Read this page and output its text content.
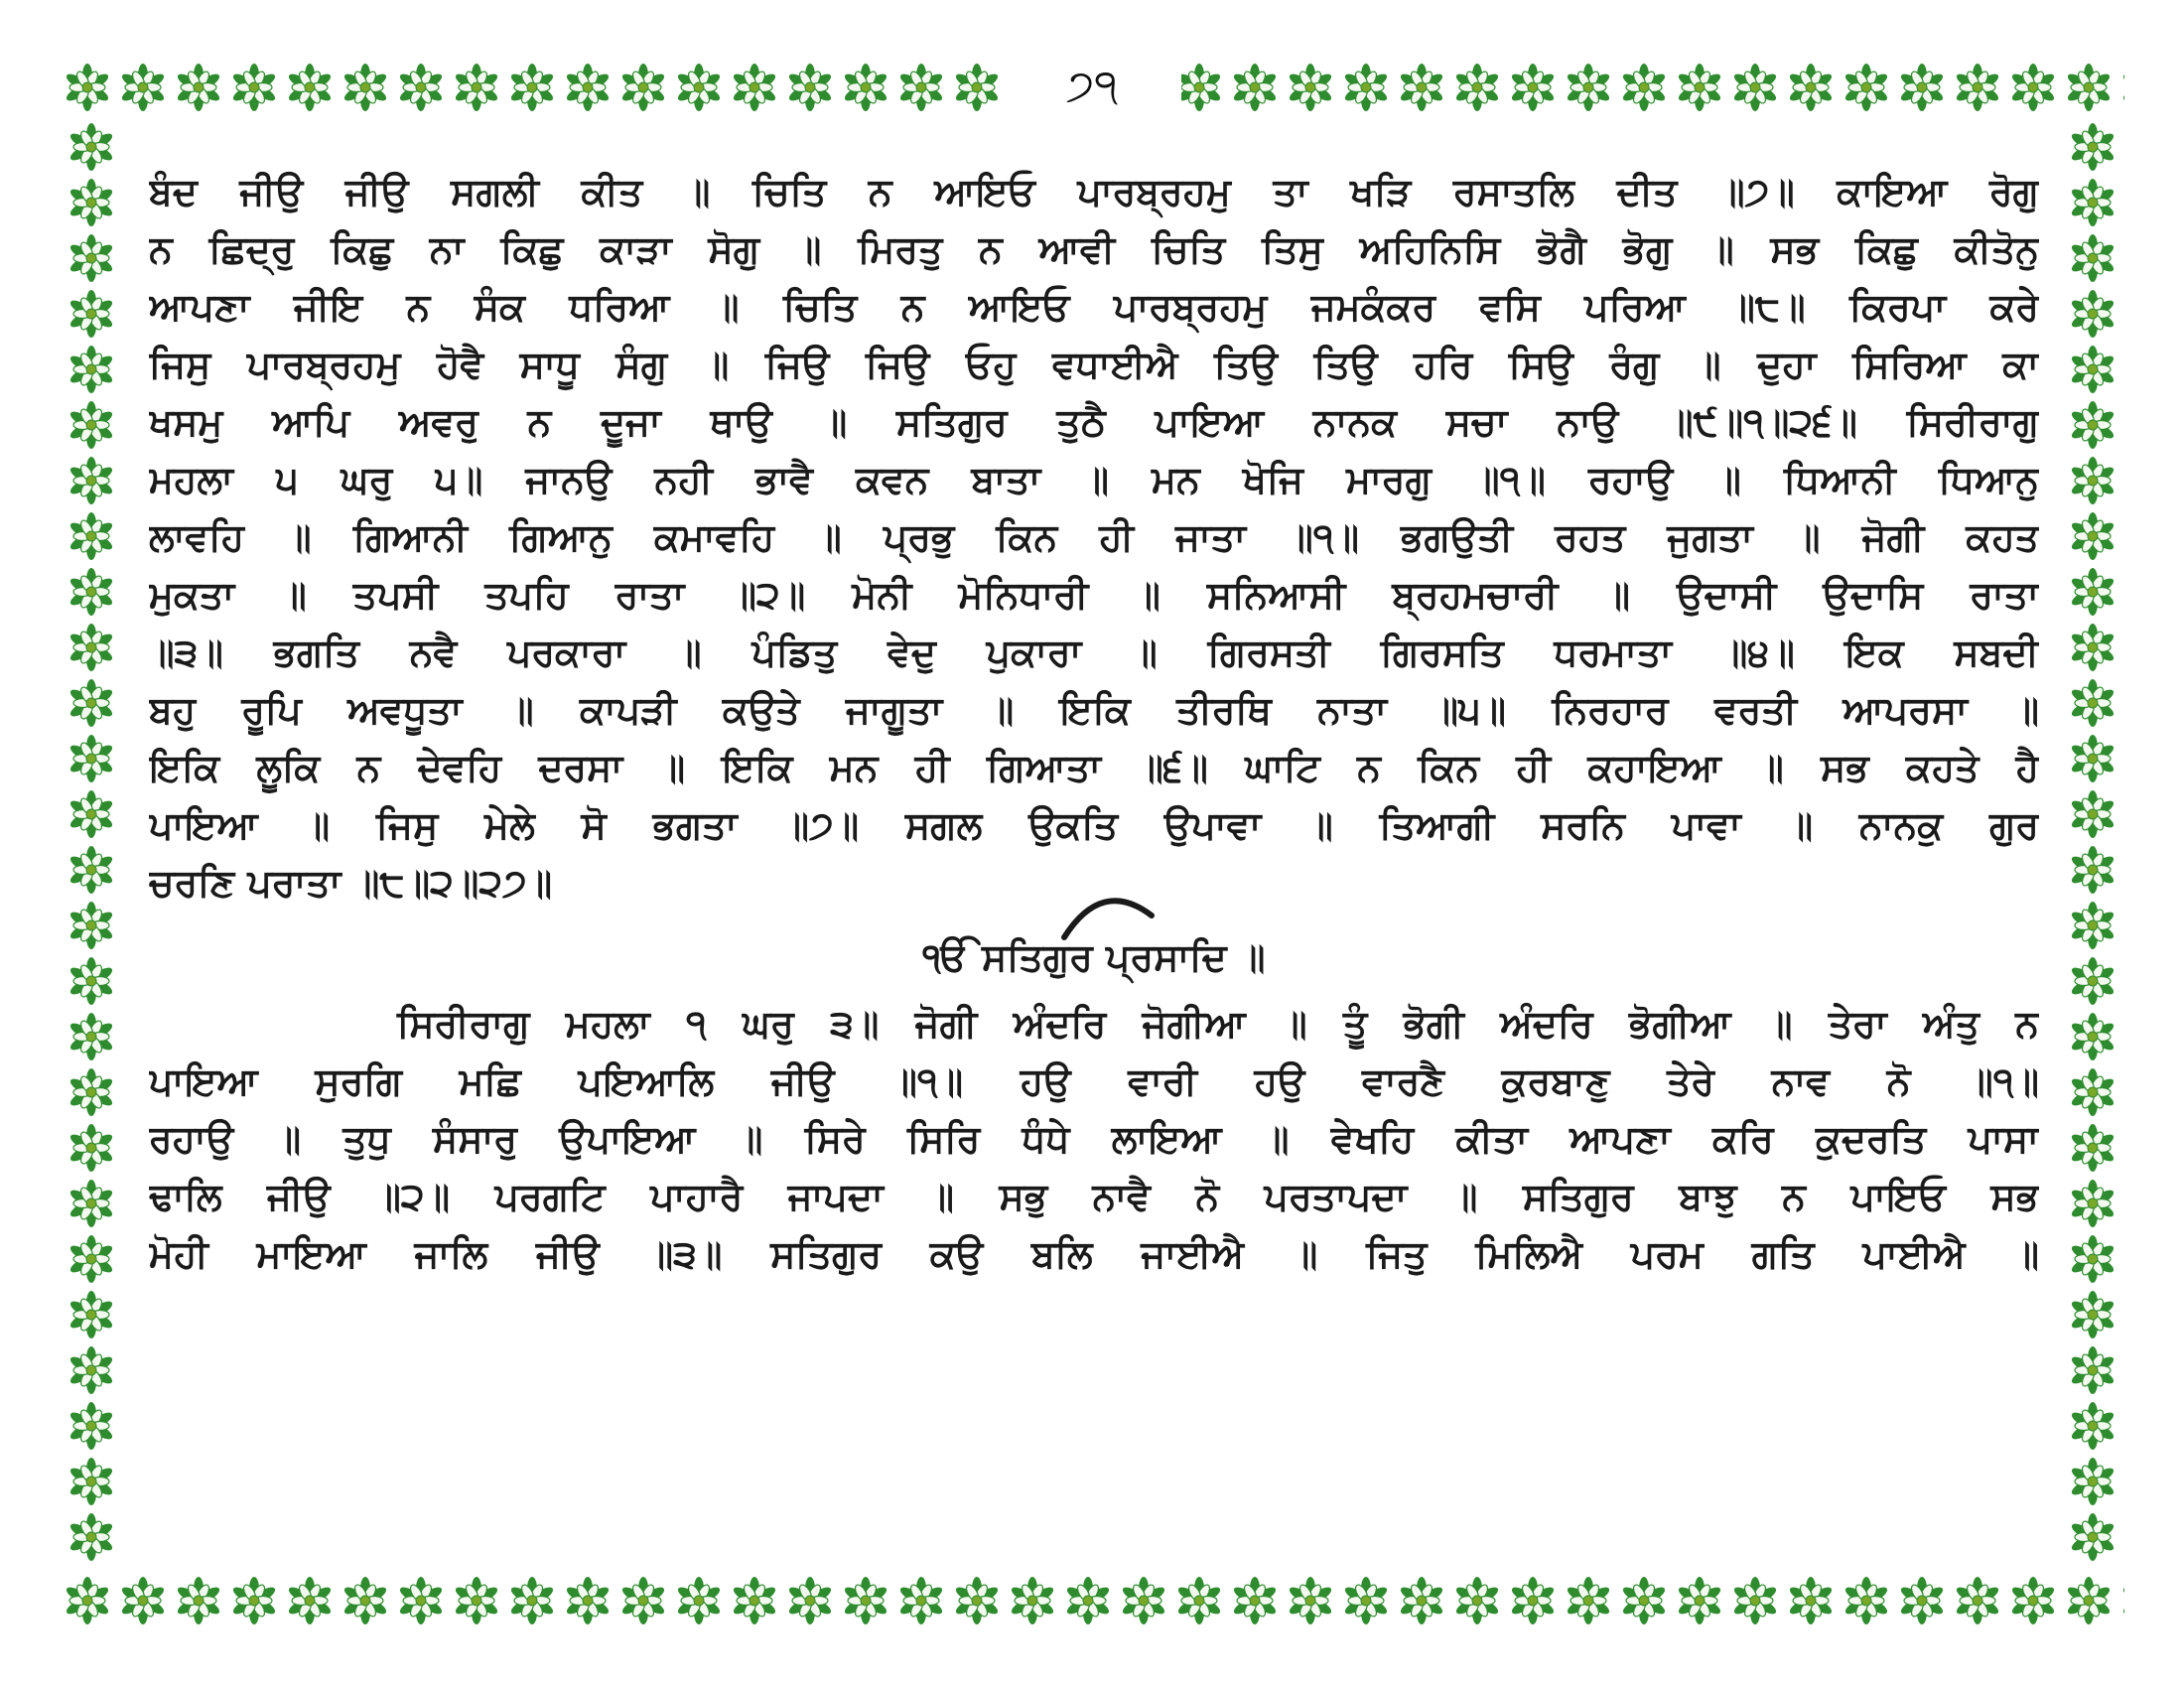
੭੧
ਬੰਦ ਜੀਉ ਜੀਉ ਸਗਲੀ ਕੀਤ ॥ ਚਿਤਿ ਨ ਆਇਓ ਪਾਰਬ੍ਰਹਮੁ ਤਾ ਖੜਿ ਰਸਾਤਲਿ ਦੀਤ ॥੭॥ ਕਾਇਆ ਰੋਗੁ
ਨ ਛਿਦ੍ਰੁ ਕਿਛੁ ਨਾ ਕਿਛੁ ਕਾੜਾ ਸੋਗੁ ॥ ਮਿਰਤੁ ਨ ਆਵੀ ਚਿਤਿ ਤਿਸੁ ਅਹਿਨਿਸਿ ਭੋਗੈ ਭੋਗੁ ॥ ਸਭ ਕਿਛੁ ਕੀਤੋਨੁ
ਆਪਣਾ ਜੀਇ ਨ ਸੰਕ ਧਰਿਆ ॥ ਚਿਤਿ ਨ ਆਇਓ ਪਾਰਬ੍ਰਹਮੁ ਜਮਕੰਕਰ ਵਸਿ ਪਰਿਆ ॥੮॥ ਕਿਰਪਾ ਕਰੇ
ਜਿਸੁ ਪਾਰਬ੍ਰਹਮੁ ਹੋਵੈ ਸਾਧੂ ਸੰਗੁ ॥ ਜਿਉ ਜਿਉ ਓਹੁ ਵਧਾਈਐ ਤਿਉ ਤਿਉ ਹਰਿ ਸਿਉ ਰੰਗੁ ॥ ਦੁਹਾ ਸਿਰਿਆ ਕਾ
ਖਸਮੁ ਆਪਿ ਅਵਰੁ ਨ ਦੂਜਾ ਥਾਉ ॥ ਸਤਿਗੁਰ ਤੁਠੈ ਪਾਇਆ ਨਾਨਕ ਸਚਾ ਨਾਉ ॥੯॥੧॥੨੬॥ ਸਿਰੀਰਾਗੁ
ਮਹਲਾ ੫ ਘਰੁ ੫॥ ਜਾਨਉ ਨਹੀ ਭਾਵੈ ਕਵਨ ਬਾਤਾ ॥ ਮਨ ਖੋਜਿ ਮਾਰਗੁ ॥੧॥ ਰਹਾਉ ॥ ਧਿਆਨੀ ਧਿਆਨੁ
ਲਾਵਹਿ ॥ ਗਿਆਨੀ ਗਿਆਨੁ ਕਮਾਵਹਿ ॥ ਪ੍ਰਭੁ ਕਿਨ ਹੀ ਜਾਤਾ ॥੧॥ ਭਗਉਤੀ ਰਹਤ ਜੁਗਤਾ ॥ ਜੋਗੀ ਕਹਤ
ਮੁਕਤਾ ॥ ਤਪਸੀ ਤਪਹਿ ਰਾਤਾ ॥੨॥ ਮੋਨੀ ਮੋਨਿਧਾਰੀ ॥ ਸਨਿਆਸੀ ਬ੍ਰਹਮਚਾਰੀ ॥ ਉਦਾਸੀ ਉਦਾਸਿ ਰਾਤਾ
॥੩॥ ਭਗਤਿ ਨਵੈ ਪਰਕਾਰਾ ॥ ਪੰਡਿਤੁ ਵੇਦੁ ਪੁਕਾਰਾ ॥ ਗਿਰਸਤੀ ਗਿਰਸਤਿ ਧਰਮਾਤਾ ॥੪॥ ਇਕ ਸਬਦੀ
ਬਹੁ ਰੂਪਿ ਅਵਧੂਤਾ ॥ ਕਾਪੜੀ ਕਉਤੇ ਜਾਗੂਤਾ ॥ ਇਕਿ ਤੀਰਥਿ ਨਾਤਾ ॥੫॥ ਨਿਰਹਾਰ ਵਰਤੀ ਆਪਰਸਾ ॥
ਇਕਿ ਲੂਕਿ ਨ ਦੇਵਹਿ ਦਰਸਾ ॥ ਇਕਿ ਮਨ ਹੀ ਗਿਆਤਾ ॥੬॥ ਘਾਟਿ ਨ ਕਿਨ ਹੀ ਕਹਾਇਆ ॥ ਸਭ ਕਹਤੇ ਹੈ
ਪਾਇਆ ॥ ਜਿਸੁ ਮੇਲੇ ਸੋ ਭਗਤਾ ॥੭॥ ਸਗਲ ਉਕਤਿ ਉਪਾਵਾ ॥ ਤਿਆਗੀ ਸਰਨਿ ਪਾਵਾ ॥ ਨਾਨਕੁ ਗੁਰ
ਚਰਣਿ ਪਰਾਤਾ ॥੮॥੨॥੨੭॥
ੴ ਸਤਿਗੁਰ ਪ੍ਰਸਾਦਿ ॥
ਸਿਰੀਰਾਗੁ ਮਹਲਾ ੧ ਘਰੁ ੩॥ ਜੋਗੀ ਅੰਦਰਿ ਜੋਗੀਆ ॥ ਤੂੰ ਭੋਗੀ ਅੰਦਰਿ ਭੋਗੀਆ ॥ ਤੇਰਾ ਅੰਤੁ ਨ
ਪਾਇਆ ਸੁਰਗਿ ਮਛਿ ਪਇਆਲਿ ਜੀਉ ॥੧॥ ਹਉ ਵਾਰੀ ਹਉ ਵਾਰਣੈ ਕੁਰਬਾਣੁ ਤੇਰੇ ਨਾਵ ਨੋ ॥੧॥
ਰਹਾਉ ॥ ਤੁਧੁ ਸੰਸਾਰੁ ਉਪਾਇਆ ॥ ਸਿਰੇ ਸਿਰਿ ਧੰਧੇ ਲਾਇਆ ॥ ਵੇਖਹਿ ਕੀਤਾ ਆਪਣਾ ਕਰਿ ਕੁਦਰਤਿ ਪਾਸਾ
ਢਾਲਿ ਜੀਉ ॥੨॥ ਪਰਗਟਿ ਪਾਹਾਰੈ ਜਾਪਦਾ ॥ ਸਭੁ ਨਾਵੈ ਨੋ ਪਰਤਾਪਦਾ ॥ ਸਤਿਗੁਰ ਬਾਝੁ ਨ ਪਾਇਓ ਸਭ
ਮੋਹੀ ਮਾਇਆ ਜਾਲਿ ਜੀਉ ॥੩॥ ਸਤਿਗੁਰ ਕਉ ਬਲਿ ਜਾਈਐ ॥ ਜਿਤੁ ਮਿਲਿਐ ਪਰਮ ਗਤਿ ਪਾਈਐ ॥
